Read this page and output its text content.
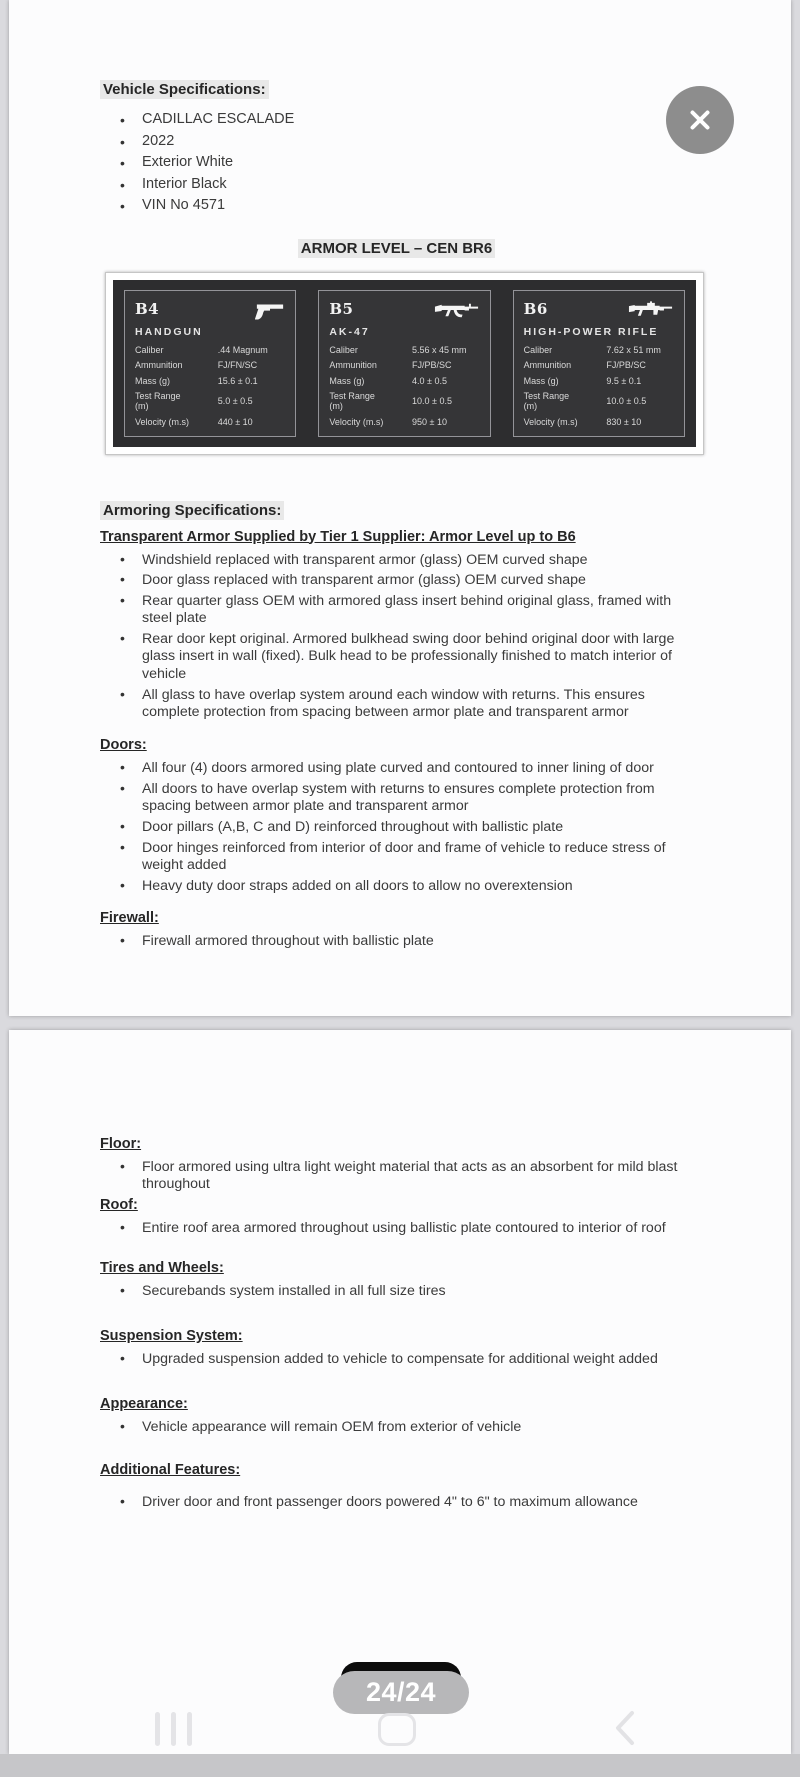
Vehicle Specifications:
• CADILLAC ESCALADE
• 2022
• Exterior White
• Interior Black
• VIN No 4571
ARMOR LEVEL – CEN BR6
B4
HANDGUN
Caliber	.44 Magnum
Ammunition	FJ/FN/SC
Mass (g)	15.6 ± 0.1
Test Range (m)	5.0 ± 0.5
Velocity (m.s)	440 ± 10
B5
AK-47
Caliber	5.56 x 45 mm
Ammunition	FJ/PB/SC
Mass (g)	4.0 ± 0.5
Test Range (m)	10.0 ± 0.5
Velocity (m.s)	950 ± 10
B6
HIGH-POWER RIFLE
Caliber	7.62 x 51 mm
Ammunition	FJ/PB/SC
Mass (g)	9.5 ± 0.1
Test Range (m)	10.0 ± 0.5
Velocity (m.s)	830 ± 10
Armoring Specifications:
Transparent Armor Supplied by Tier 1 Supplier: Armor Level up to B6
• Windshield replaced with transparent armor (glass) OEM curved shape
• Door glass replaced with transparent armor (glass) OEM curved shape
• Rear quarter glass OEM with armored glass insert behind original glass, framed with steel plate
• Rear door kept original. Armored bulkhead swing door behind original door with large glass insert in wall (fixed). Bulk head to be professionally finished to match interior of vehicle
• All glass to have overlap system around each window with returns. This ensures complete protection from spacing between armor plate and transparent armor
Doors:
• All four (4) doors armored using plate curved and contoured to inner lining of door
• All doors to have overlap system with returns to ensures complete protection from spacing between armor plate and transparent armor
• Door pillars (A,B, C and D) reinforced throughout with ballistic plate
• Door hinges reinforced from interior of door and frame of vehicle to reduce stress of weight added
• Heavy duty door straps added on all doors to allow no overextension
Firewall:
• Firewall armored throughout with ballistic plate
Floor:
• Floor armored using ultra light weight material that acts as an absorbent for mild blast throughout
Roof:
• Entire roof area armored throughout using ballistic plate contoured to interior of roof
Tires and Wheels:
• Securebands system installed in all full size tires
Suspension System:
• Upgraded suspension added to vehicle to compensate for additional weight added
Appearance:
• Vehicle appearance will remain OEM from exterior of vehicle
Additional Features:
• Driver door and front passenger doors powered 4" to 6" to maximum allowance
24/24
